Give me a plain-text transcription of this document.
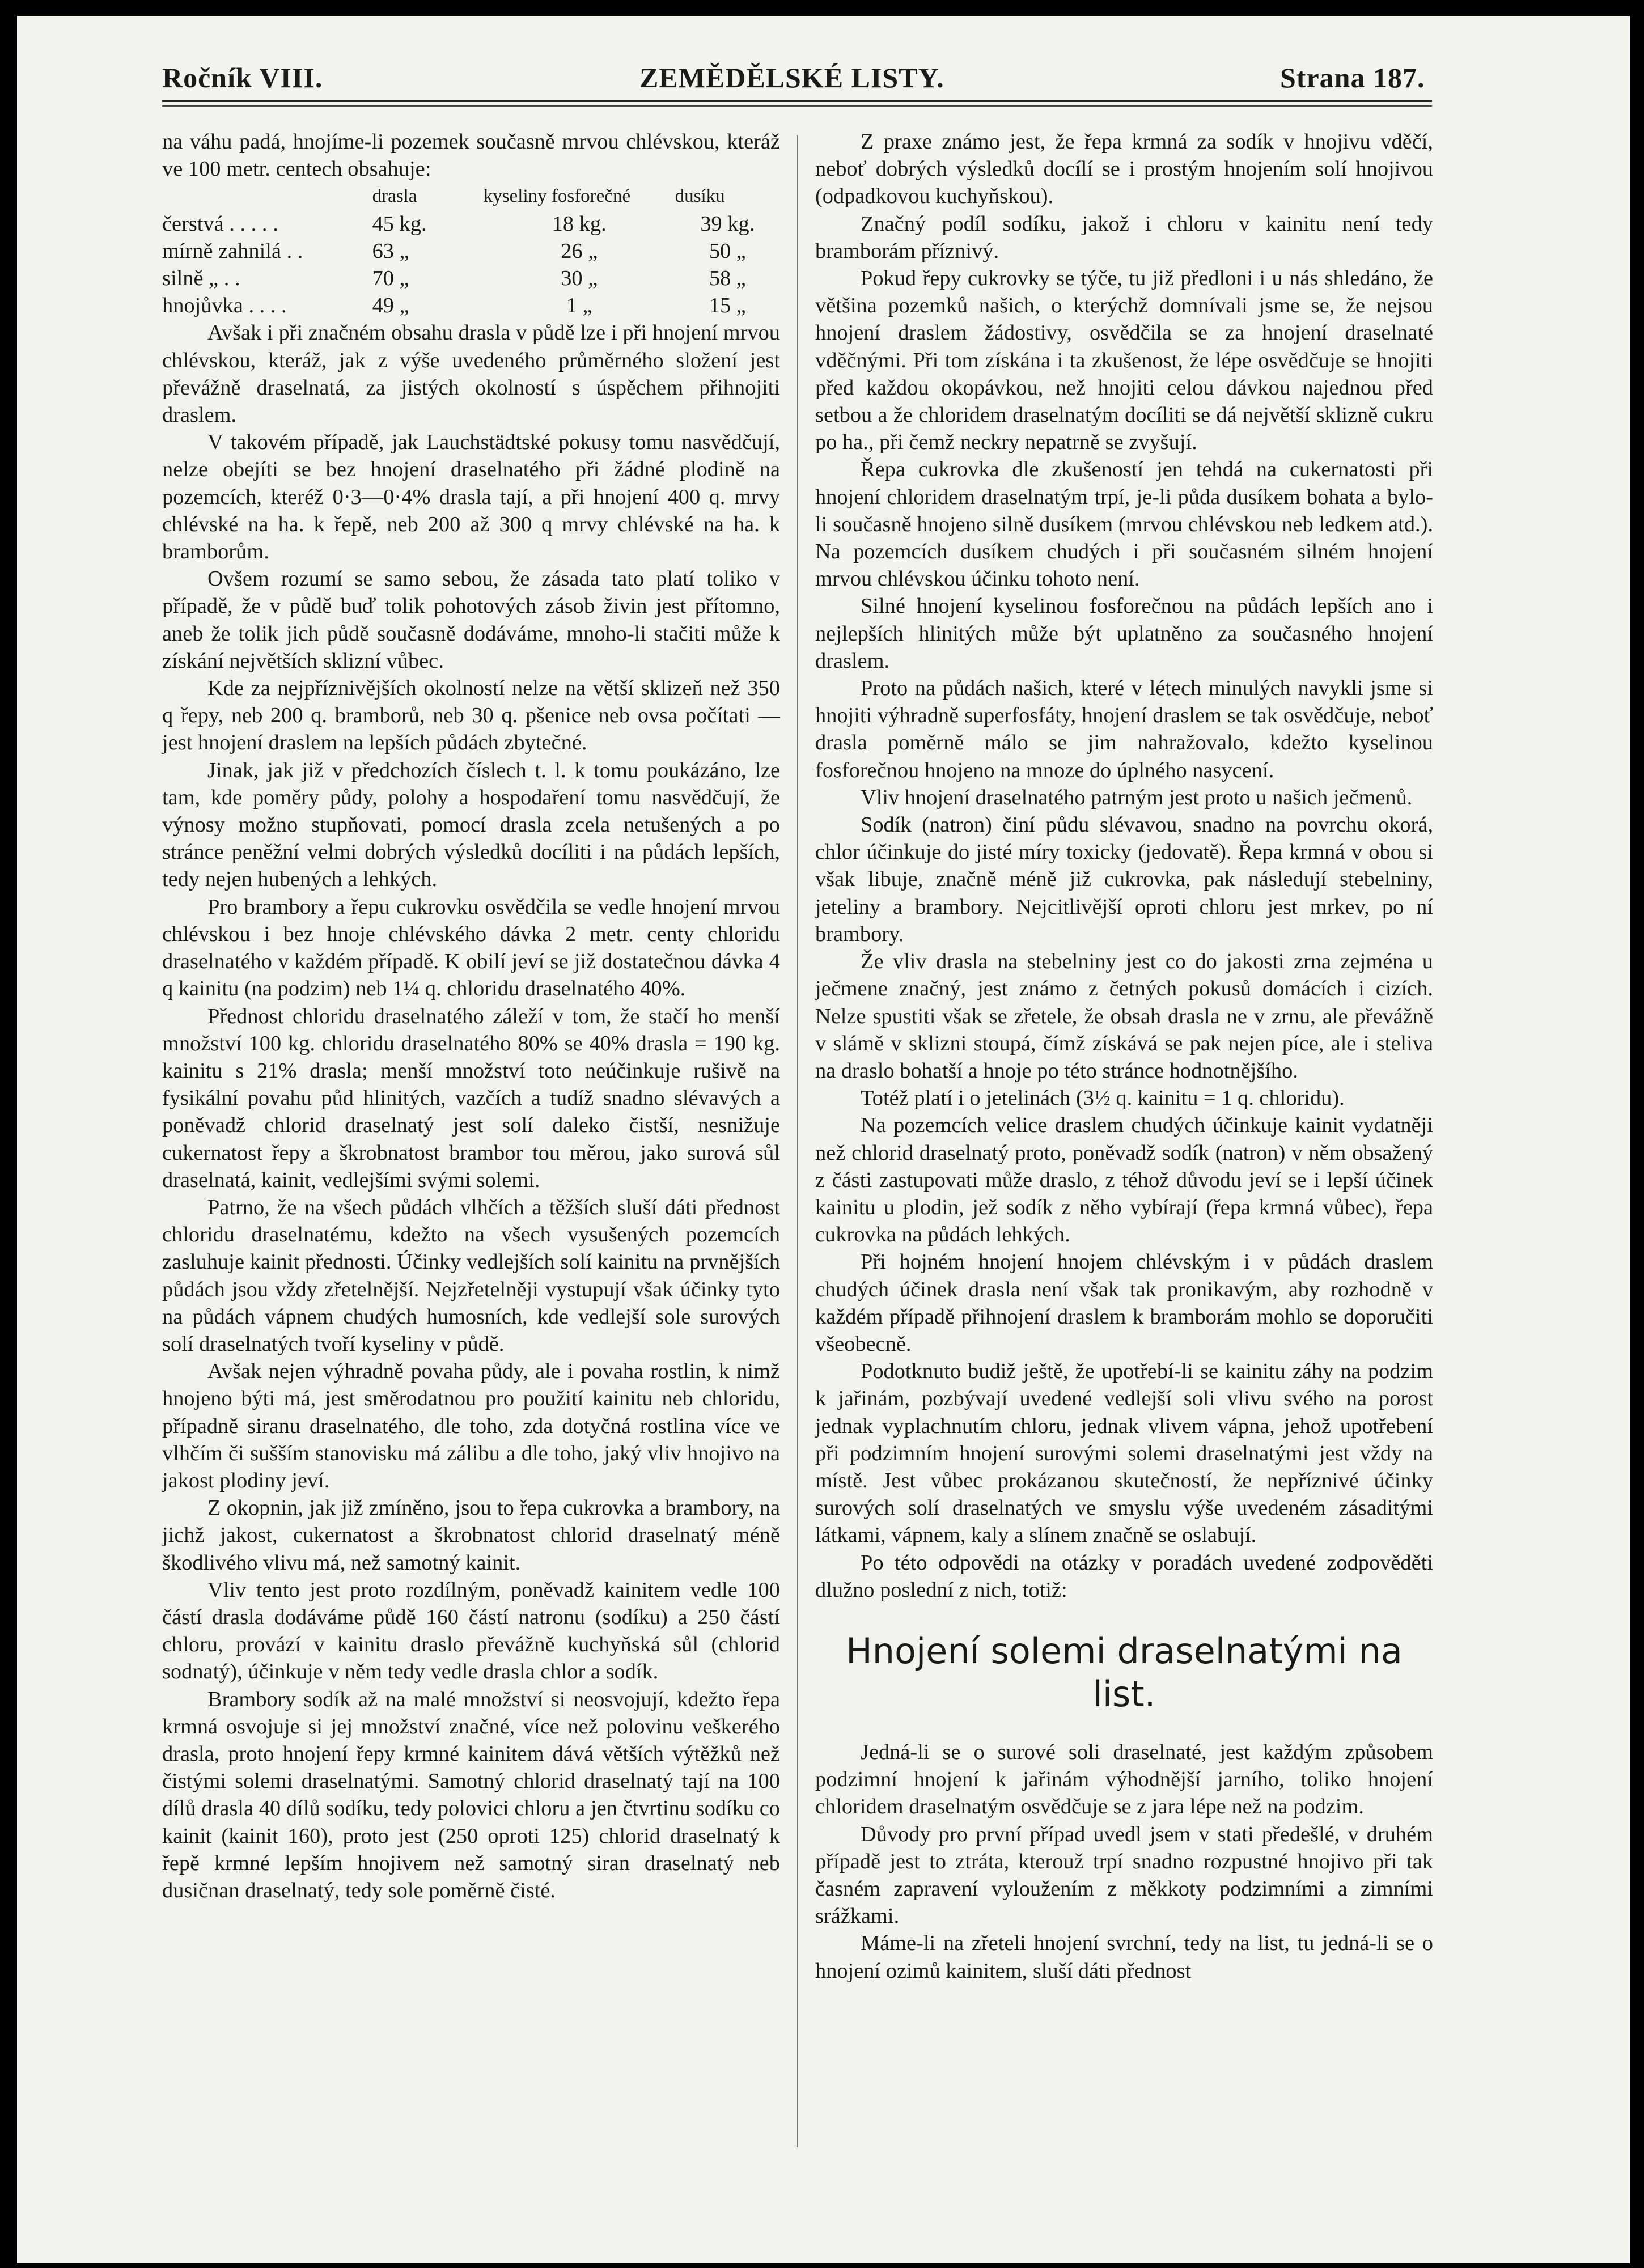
Ročník VIII.	ZEMĚDĚLSKÉ LISTY.	Strana 187.

na váhu padá, hnojíme-li pozemek současně mrvou chlévskou, kteráž ve 100 metr. centech obsahuje:

	drasla	kyseliny fosforečné	dusíku
čerstvá . . . . .	45 kg.	18 kg.	39 kg.
mírně zahnilá . .	63 „	26 „	50 „
silně „ . .	70 „	30 „	58 „
hnojůvka . . . .	49 „	1 „	15 „

Avšak i při značném obsahu drasla v půdě lze i při hnojení mrvou chlévskou, kteráž, jak z výše uvedeného průměrného složení jest převážně draselnatá, za jistých okolností s úspěchem přihnojiti draslem.

V takovém případě, jak Lauchstädtské pokusy tomu nasvědčují, nelze obejíti se bez hnojení draselnatého při žádné plodině na pozemcích, kteréž 0·3—0·4% drasla tají, a při hnojení 400 q. mrvy chlévské na ha. k řepě, neb 200 až 300 q mrvy chlévské na ha. k bramborům.

Ovšem rozumí se samo sebou, že zásada tato platí toliko v případě, že v půdě buď tolik pohotových zásob živin jest přítomno, aneb že tolik jich půdě současně dodáváme, mnoho-li stačiti může k získání největších sklizní vůbec.

Kde za nejpříznivějších okolností nelze na větší sklizeň než 350 q řepy, neb 200 q. bramborů, neb 30 q. pšenice neb ovsa počítati — jest hnojení draslem na lepších půdách zbytečné.

Jinak, jak již v předchozích číslech t. l. k tomu poukázáno, lze tam, kde poměry půdy, polohy a hospodaření tomu nasvědčují, že výnosy možno stupňovati, pomocí drasla zcela netušených a po stránce peněžní velmi dobrých výsledků docíliti i na půdách lepších, tedy nejen hubených a lehkých.

Pro brambory a řepu cukrovku osvědčila se vedle hnojení mrvou chlévskou i bez hnoje chlévského dávka 2 metr. centy chloridu draselnatého v každém případě. K obilí jeví se již dostatečnou dávka 4 q kainitu (na podzim) neb 1¼ q. chloridu draselnatého 40%.

Přednost chloridu draselnatého záleží v tom, že stačí ho menší množství 100 kg. chloridu draselnatého 80% se 40% drasla = 190 kg. kainitu s 21% drasla; menší množství toto neúčinkuje rušivě na fysikální povahu půd hlinitých, vazčích a tudíž snadno slévavých a poněvadž chlorid draselnatý jest solí daleko čistší, nesnižuje cukernatost řepy a škrobnatost brambor tou měrou, jako surová sůl draselnatá, kainit, vedlejšími svými solemi.

Patrno, že na všech půdách vlhčích a těžších sluší dáti přednost chloridu draselnatému, kdežto na všech vysušených pozemcích zasluhuje kainit přednosti. Účinky vedlejších solí kainitu na prvnějších půdách jsou vždy zřetelnější. Nejzřetelněji vystupují však účinky tyto na půdách vápnem chudých humosních, kde vedlejší sole surových solí draselnatých tvoří kyseliny v půdě.

Avšak nejen výhradně povaha půdy, ale i povaha rostlin, k nimž hnojeno býti má, jest směrodatnou pro použití kainitu neb chloridu, případně siranu draselnatého, dle toho, zda dotyčná rostlina více ve vlhčím či sušším stanovisku má zálibu a dle toho, jaký vliv hnojivo na jakost plodiny jeví.

Z okopnin, jak již zmíněno, jsou to řepa cukrovka a brambory, na jichž jakost, cukernatost a škrobnatost chlorid draselnatý méně škodlivého vlivu má, než samotný kainit.

Vliv tento jest proto rozdílným, poněvadž kainitem vedle 100 částí drasla dodáváme půdě 160 částí natronu (sodíku) a 250 částí chloru, provází v kainitu draslo převážně kuchyňská sůl (chlorid sodnatý), účinkuje v něm tedy vedle drasla chlor a sodík.

Brambory sodík až na malé množství si neosvojují, kdežto řepa krmná osvojuje si jej množství značné, více než polovinu veškerého drasla, proto hnojení řepy krmné kainitem dává větších výtěžků než čistými solemi draselnatými. Samotný chlorid draselnatý tají na 100 dílů drasla 40 dílů sodíku, tedy polovici chloru a jen čtvrtinu sodíku co kainit (kainit 160), proto jest (250 oproti 125) chlorid draselnatý k řepě krmné lepším hnojivem než samotný siran draselnatý neb dusičnan draselnatý, tedy sole poměrně čisté.

Z praxe známo jest, že řepa krmná za sodík v hnojivu vděčí, neboť dobrých výsledků docílí se i prostým hnojením solí hnojivou (odpadkovou kuchyňskou).

Značný podíl sodíku, jakož i chloru v kainitu není tedy bramborám příznivý.

Pokud řepy cukrovky se týče, tu již předloni i u nás shledáno, že většina pozemků našich, o kterýchž domnívali jsme se, že nejsou hnojení draslem žádostivy, osvědčila se za hnojení draselnaté vděčnými. Při tom získána i ta zkušenost, že lépe osvědčuje se hnojiti před každou okopávkou, než hnojiti celou dávkou najednou před setbou a že chloridem draselnatým docíliti se dá největší sklizně cukru po ha., při čemž neckry nepatrně se zvyšují.

Řepa cukrovka dle zkušeností jen tehdá na cukernatosti při hnojení chloridem draselnatým trpí, je-li půda dusíkem bohata a bylo-li současně hnojeno silně dusíkem (mrvou chlévskou neb ledkem atd.). Na pozemcích dusíkem chudých i při současném silném hnojení mrvou chlévskou účinku tohoto není.

Silné hnojení kyselinou fosforečnou na půdách lepších ano i nejlepších hlinitých může být uplatněno za současného hnojení draslem.

Proto na půdách našich, které v létech minulých navykli jsme si hnojiti výhradně superfosfáty, hnojení draslem se tak osvědčuje, neboť drasla poměrně málo se jim nahražovalo, kdežto kyselinou fosforečnou hnojeno na mnoze do úplného nasycení.

Vliv hnojení draselnatého patrným jest proto u našich ječmenů.

Sodík (natron) činí půdu slévavou, snadno na povrchu okorá, chlor účinkuje do jisté míry toxicky (jedovatě). Řepa krmná v obou si však libuje, značně méně již cukrovka, pak následují stebelniny, jeteliny a brambory. Nejcitlivější oproti chloru jest mrkev, po ní brambory.

Že vliv drasla na stebelniny jest co do jakosti zrna zejména u ječmene značný, jest známo z četných pokusů domácích i cizích. Nelze spustiti však se zřetele, že obsah drasla ne v zrnu, ale převážně v slámě v sklizni stoupá, čímž získává se pak nejen píce, ale i steliva na draslo bohatší a hnoje po této stránce hodnotnějšího.

Totéž platí i o jetelinách (3½ q. kainitu = 1 q. chloridu).

Na pozemcích velice draslem chudých účinkuje kainit vydatněji než chlorid draselnatý proto, poněvadž sodík (natron) v něm obsažený z části zastupovati může draslo, z téhož důvodu jeví se i lepší účinek kainitu u plodin, jež sodík z něho vybírají (řepa krmná vůbec), řepa cukrovka na půdách lehkých.

Při hojném hnojení hnojem chlévským i v půdách draslem chudých účinek drasla není však tak pronikavým, aby rozhodně v každém případě přihnojení draslem k bramborám mohlo se doporučiti všeobecně.

Podotknuto budiž ještě, že upotřebí-li se kainitu záhy na podzim k jařinám, pozbývají uvedené vedlejší soli vlivu svého na porost jednak vyplachnutím chloru, jednak vlivem vápna, jehož upotřebení při podzimním hnojení surovými solemi draselnatými jest vždy na místě. Jest vůbec prokázanou skutečností, že nepříznivé účinky surových solí draselnatých ve smyslu výše uvedeném zásaditými látkami, vápnem, kaly a slínem značně se oslabují.

Po této odpovědi na otázky v poradách uvedené zodpověděti dlužno poslední z nich, totiž:

Hnojení solemi draselnatými na list.

Jedná-li se o surové soli draselnaté, jest každým způsobem podzimní hnojení k jařinám výhodnější jarního, toliko hnojení chloridem draselnatým osvědčuje se z jara lépe než na podzim.

Důvody pro první případ uvedl jsem v stati předešlé, v druhém případě jest to ztráta, kterouž trpí snadno rozpustné hnojivo při tak časném zapravení vyloužením z měkkoty podzimními a zimními srážkami.

Máme-li na zřeteli hnojení svrchní, tedy na list, tu jedná-li se o hnojení ozimů kainitem, sluší dáti přednost
